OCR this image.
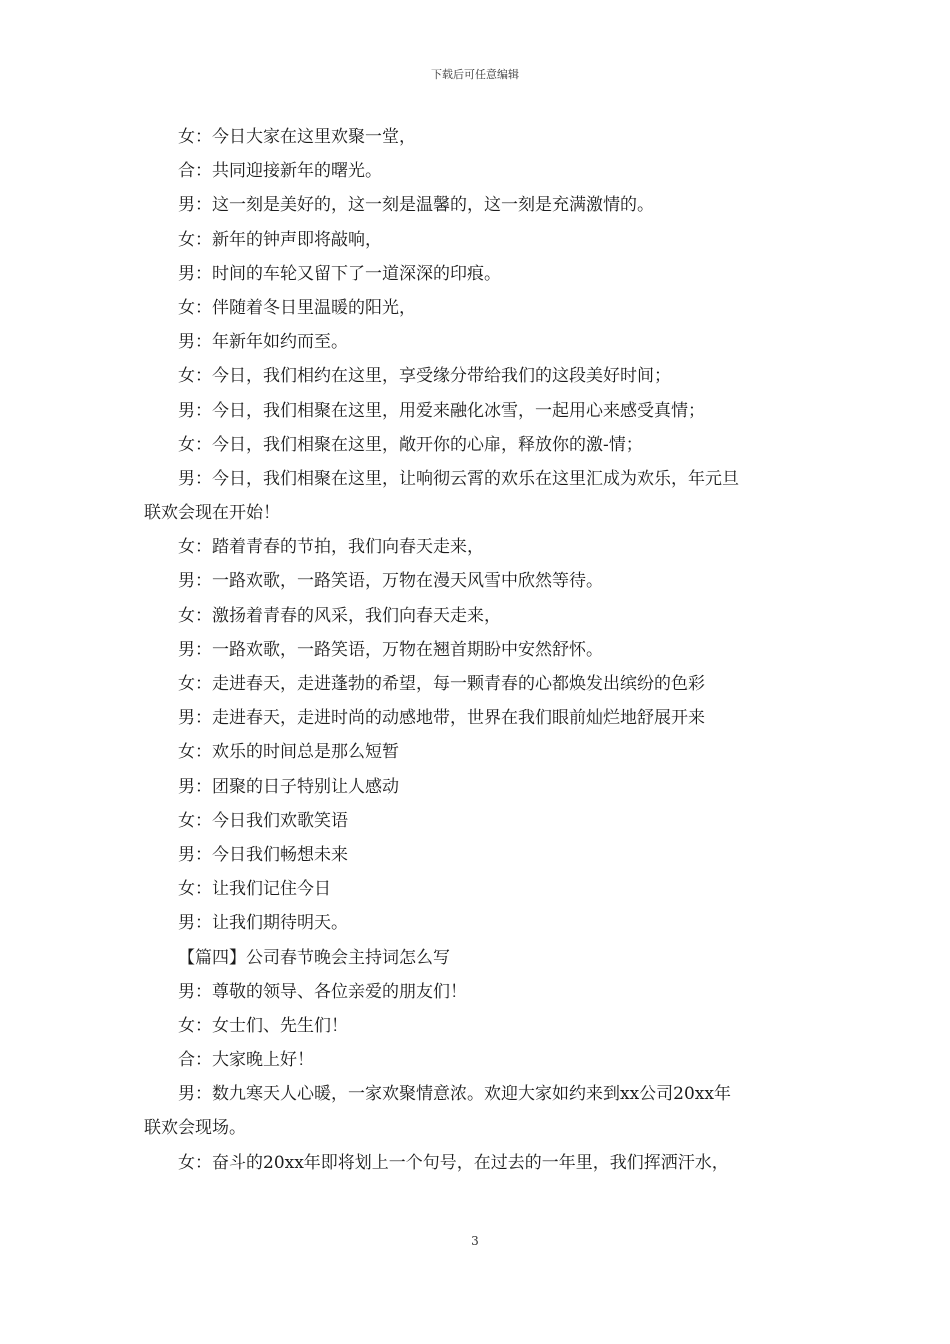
下载后可任意编辑
女：今日大家在这里欢聚一堂，
合：共同迎接新年的曙光。
男：这一刻是美好的，这一刻是温馨的，这一刻是充满激情的。
女：新年的钟声即将敲响，
男：时间的车轮又留下了一道深深的印痕。
女：伴随着冬日里温暖的阳光，
男：年新年如约而至。
女：今日，我们相约在这里，享受缘分带给我们的这段美好时间；
男：今日，我们相聚在这里，用爱来融化冰雪，一起用心来感受真情；
女：今日，我们相聚在这里，敞开你的心扉，释放你的激-情；
男：今日，我们相聚在这里，让响彻云霄的欢乐在这里汇成为欢乐，年元旦
联欢会现在开始！
女：踏着青春的节拍，我们向春天走来，
男：一路欢歌，一路笑语，万物在漫天风雪中欣然等待。
女：激扬着青春的风采，我们向春天走来，
男：一路欢歌，一路笑语，万物在翘首期盼中安然舒怀。
女：走进春天，走进蓬勃的希望，每一颗青春的心都焕发出缤纷的色彩
男：走进春天，走进时尚的动感地带，世界在我们眼前灿烂地舒展开来
女：欢乐的时间总是那么短暂
男：团聚的日子特别让人感动
女：今日我们欢歌笑语
男：今日我们畅想未来
女：让我们记住今日
男：让我们期待明天。
【篇四】公司春节晚会主持词怎么写
男：尊敬的领导、各位亲爱的朋友们！
女：女士们、先生们！
合：大家晚上好！
男：数九寒天人心暖，一家欢聚情意浓。欢迎大家如约来到xx公司20xx年
联欢会现场。
女：奋斗的20xx年即将划上一个句号，在过去的一年里，我们挥洒汗水，
3
